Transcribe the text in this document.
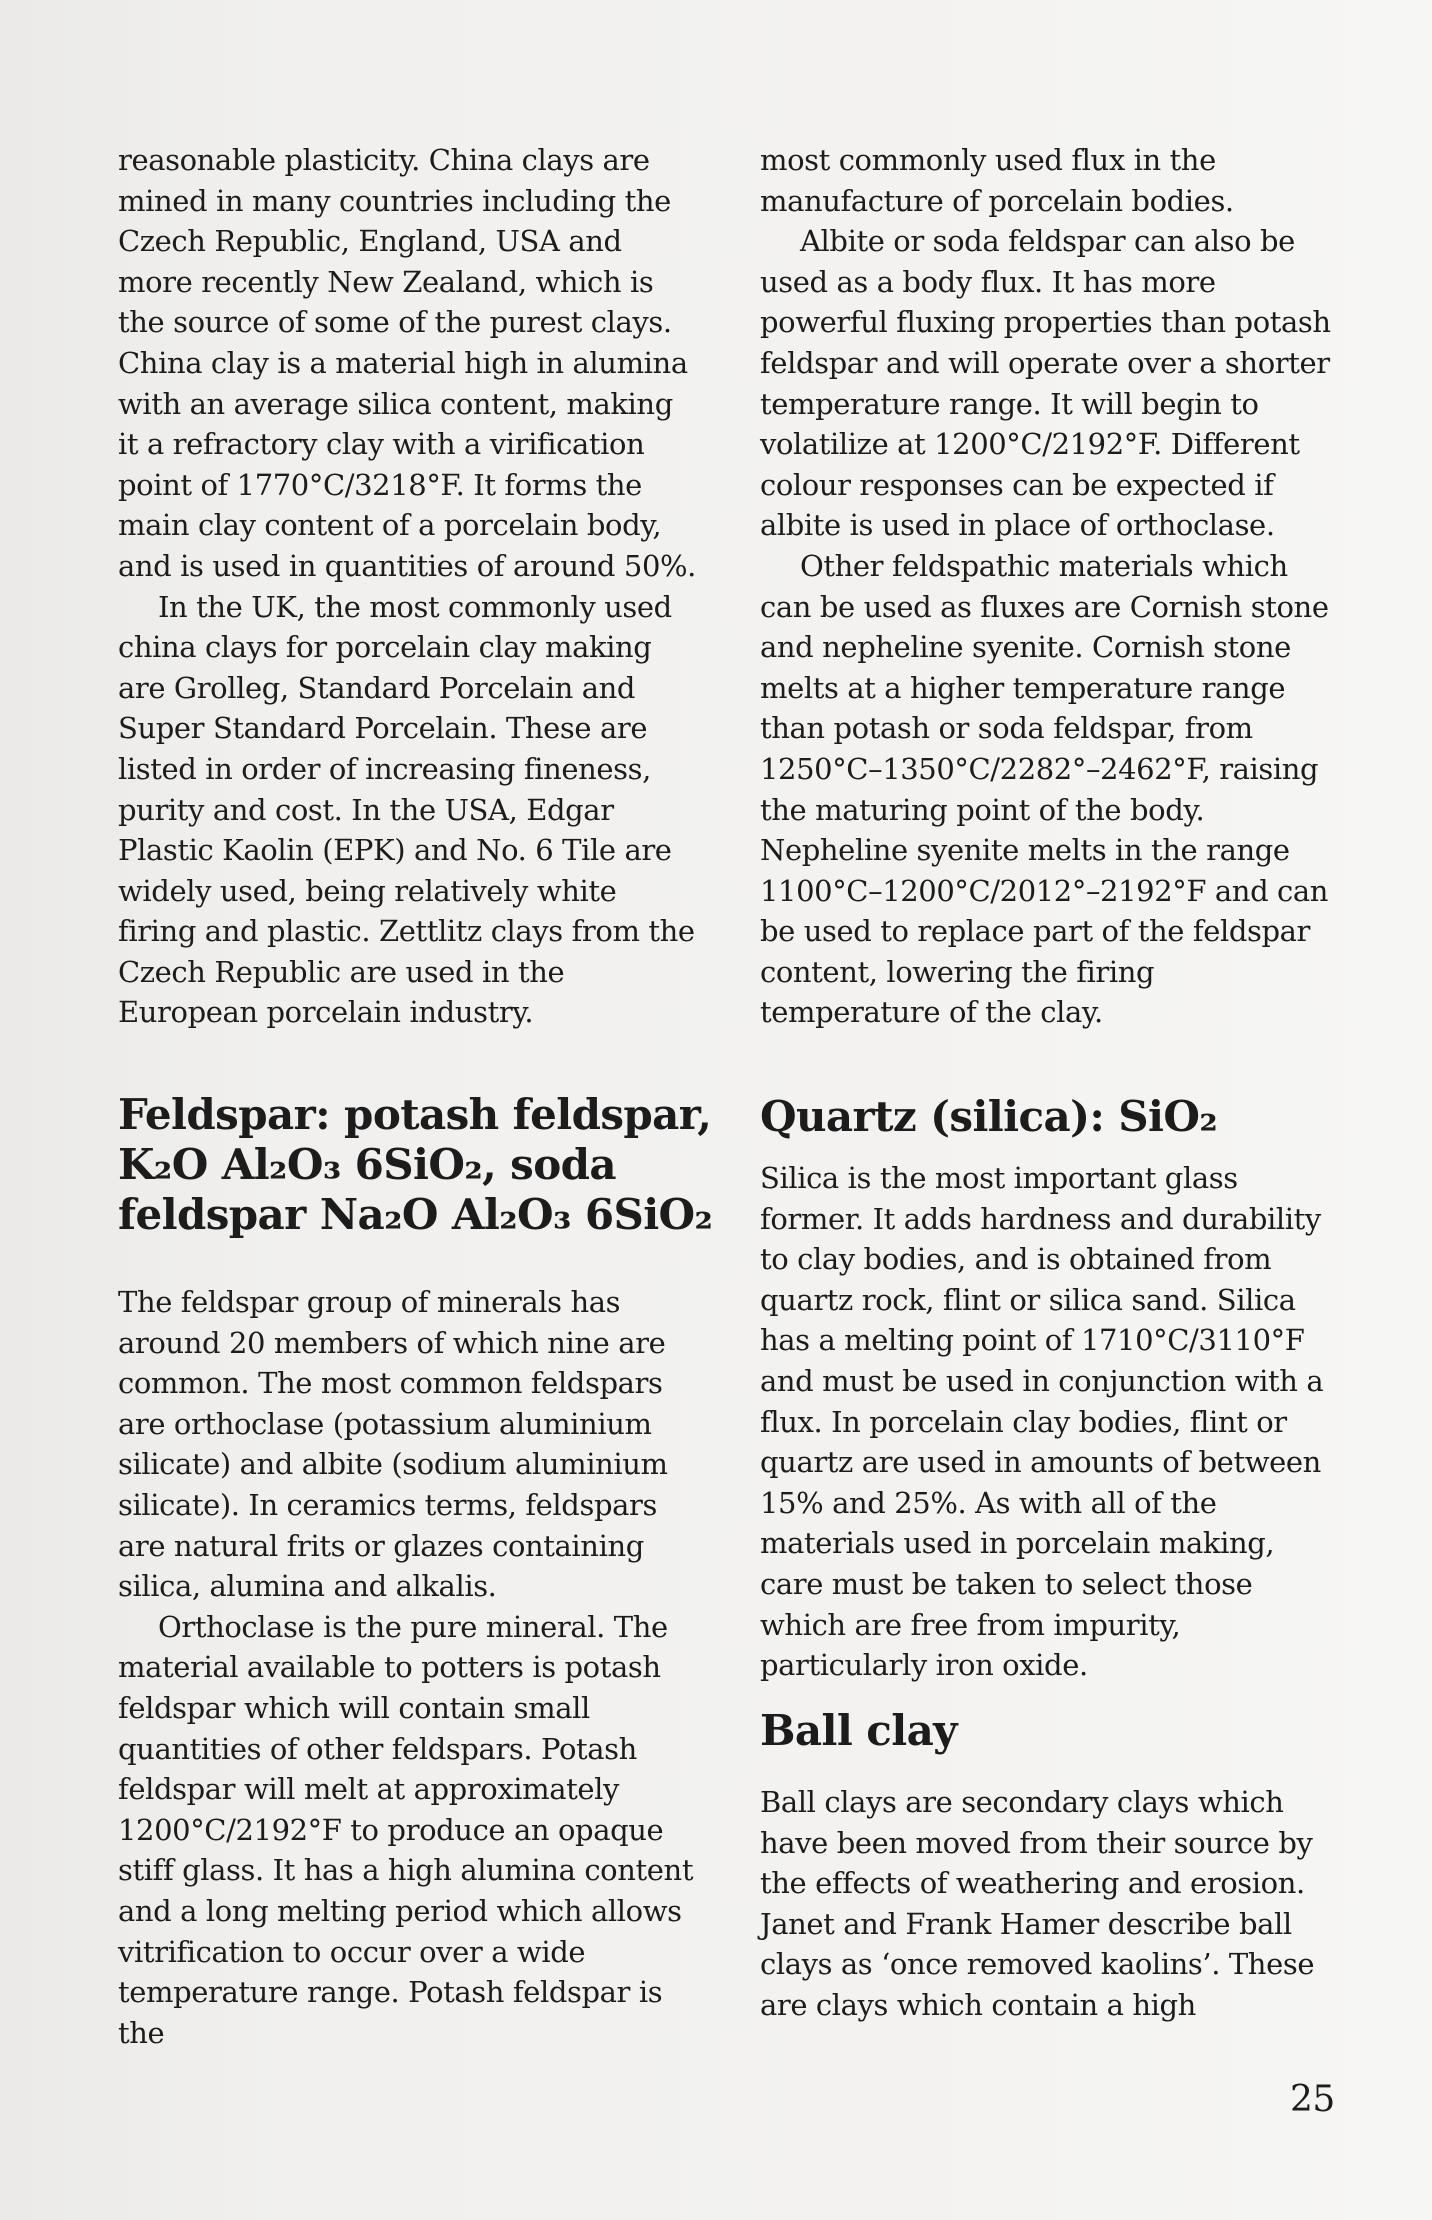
reasonable plasticity. China clays are mined in many countries including the Czech Republic, England, USA and more recently New Zealand, which is the source of some of the purest clays. China clay is a material high in alumina with an average silica content, making it a refractory clay with a virification point of 1770°C/3218°F. It forms the main clay content of a porcelain body, and is used in quantities of around 50%.

In the UK, the most commonly used china clays for porcelain clay making are Grolleg, Standard Porcelain and Super Standard Porcelain. These are listed in order of increasing fineness, purity and cost. In the USA, Edgar Plastic Kaolin (EPK) and No. 6 Tile are widely used, being relatively white firing and plastic. Zettlitz clays from the Czech Republic are used in the European porcelain industry.

Feldspar: potash feldspar,
K₂O Al₂O₃ 6SiO₂, soda
feldspar Na₂O Al₂O₃ 6SiO₂

The feldspar group of minerals has around 20 members of which nine are common. The most common feldspars are orthoclase (potassium aluminium silicate) and albite (sodium aluminium silicate). In ceramics terms, feldspars are natural frits or glazes containing silica, alumina and alkalis.

Orthoclase is the pure mineral. The material available to potters is potash feldspar which will contain small quantities of other feldspars. Potash feldspar will melt at approximately 1200°C/2192°F to produce an opaque stiff glass. It has a high alumina content and a long melting period which allows vitrification to occur over a wide temperature range. Potash feldspar is the

most commonly used flux in the manufacture of porcelain bodies.

Albite or soda feldspar can also be used as a body flux. It has more powerful fluxing properties than potash feldspar and will operate over a shorter temperature range. It will begin to volatilize at 1200°C/2192°F. Different colour responses can be expected if albite is used in place of orthoclase.

Other feldspathic materials which can be used as fluxes are Cornish stone and nepheline syenite. Cornish stone melts at a higher temperature range than potash or soda feldspar, from 1250°C–1350°C/2282°–2462°F, raising the maturing point of the body. Nepheline syenite melts in the range 1100°C–1200°C/2012°–2192°F and can be used to replace part of the feldspar content, lowering the firing temperature of the clay.

Quartz (silica): SiO₂

Silica is the most important glass former. It adds hardness and durability to clay bodies, and is obtained from quartz rock, flint or silica sand. Silica has a melting point of 1710°C/3110°F and must be used in conjunction with a flux. In porcelain clay bodies, flint or quartz are used in amounts of between 15% and 25%. As with all of the materials used in porcelain making, care must be taken to select those which are free from impurity, particularly iron oxide.

Ball clay

Ball clays are secondary clays which have been moved from their source by the effects of weathering and erosion. Janet and Frank Hamer describe ball clays as ‘once removed kaolins’. These are clays which contain a high

25
